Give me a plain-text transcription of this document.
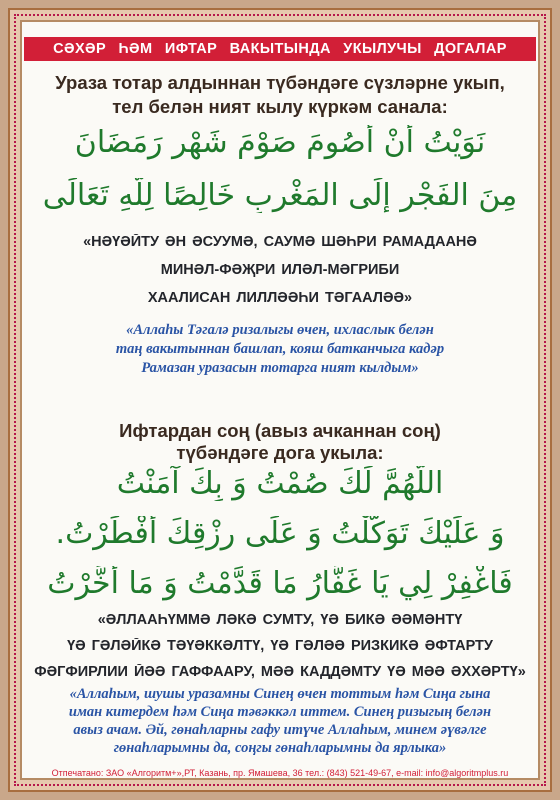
СӘХӘР ҺӘМ ИФТАР ВАКЫТЫНДА УКЫЛУЧЫ ДОГАЛАР
Ураза тотар алдыннан түбәндәге сүзләрне укып,
тел белән ният кылу күркәм санала:
نَوَيْتُ أَنْ أَصُومَ صَوْمَ شَهْرِ رَمَضَانَ
مِنَ الفَجْرِ إِلَى المَغْرِبِ خَالِصًا لِلَّهِ تَعَالَى
«НӘҮӘЙТУ ӘН ӘСУУМӘ, САУМӘ ШӘҺРИ РАМАДААНӘ
МИНӘЛ-ФӘҖРИ ИЛӘЛ-МӘГРИБИ
ХААЛИСАН ЛИЛЛӘӘҺИ ТӘГААЛӘӘ»
«Аллаһы Тәгалә ризалыгы өчен, ихласлык белән
таң вакытыннан башлап, кояш батканчыга кадәр
Рамазан уразасын тотарга ният кылдым»
Ифтардан соң (авыз ачканнан соң)
түбәндәге дога укыла:
اللَّهُمَّ لَكَ صُمْتُ وَ بِكَ آمَنْتُ
وَ عَلَيْكَ تَوَكَّلْتُ وَ عَلَى رِزْقِكَ أَفْطَرْتُ.
فَاغْفِرْ لِي يَا غَفَّارُ مَا قَدَّمْتُ وَ مَا أَخَّرْتُ
«ӘЛЛААҺҮММӘ ЛӘКӘ СУМТУ, ҮӘ БИКӘ ӘӘМӘНТҮ
ҮӘ ГӘЛӘЙКӘ ТӘҮӘККӘЛТҮ, ҮӘ ГӘЛӘӘ РИЗКИКӘ ӘФТАРТУ
ФӘГФИРЛИИ ЙӘӘ ГАФФААРУ, МӘӘ КАДДӘМТУ ҮӘ МӘӘ ӘХХӘРТҮ»
«Аллаһым, шушы уразамны Синең өчен тоттым һәм Сиңа гына
иман китердем һәм Сиңа тәвәккәл иттем. Синең ризыгың белән
авыз ачам. Әй, гөнаһларны гафу итүче Аллаһым, минем әүвәлге
гөнаһларымны да, соңгы гөнаһларымны да ярлыка»
Отпечатано: ЗАО «Алгоритм+»,РТ, Казань, пр. Ямашева, 36 тел.: (843) 521-49-67, e-mail: info@algoritmplus.ru
